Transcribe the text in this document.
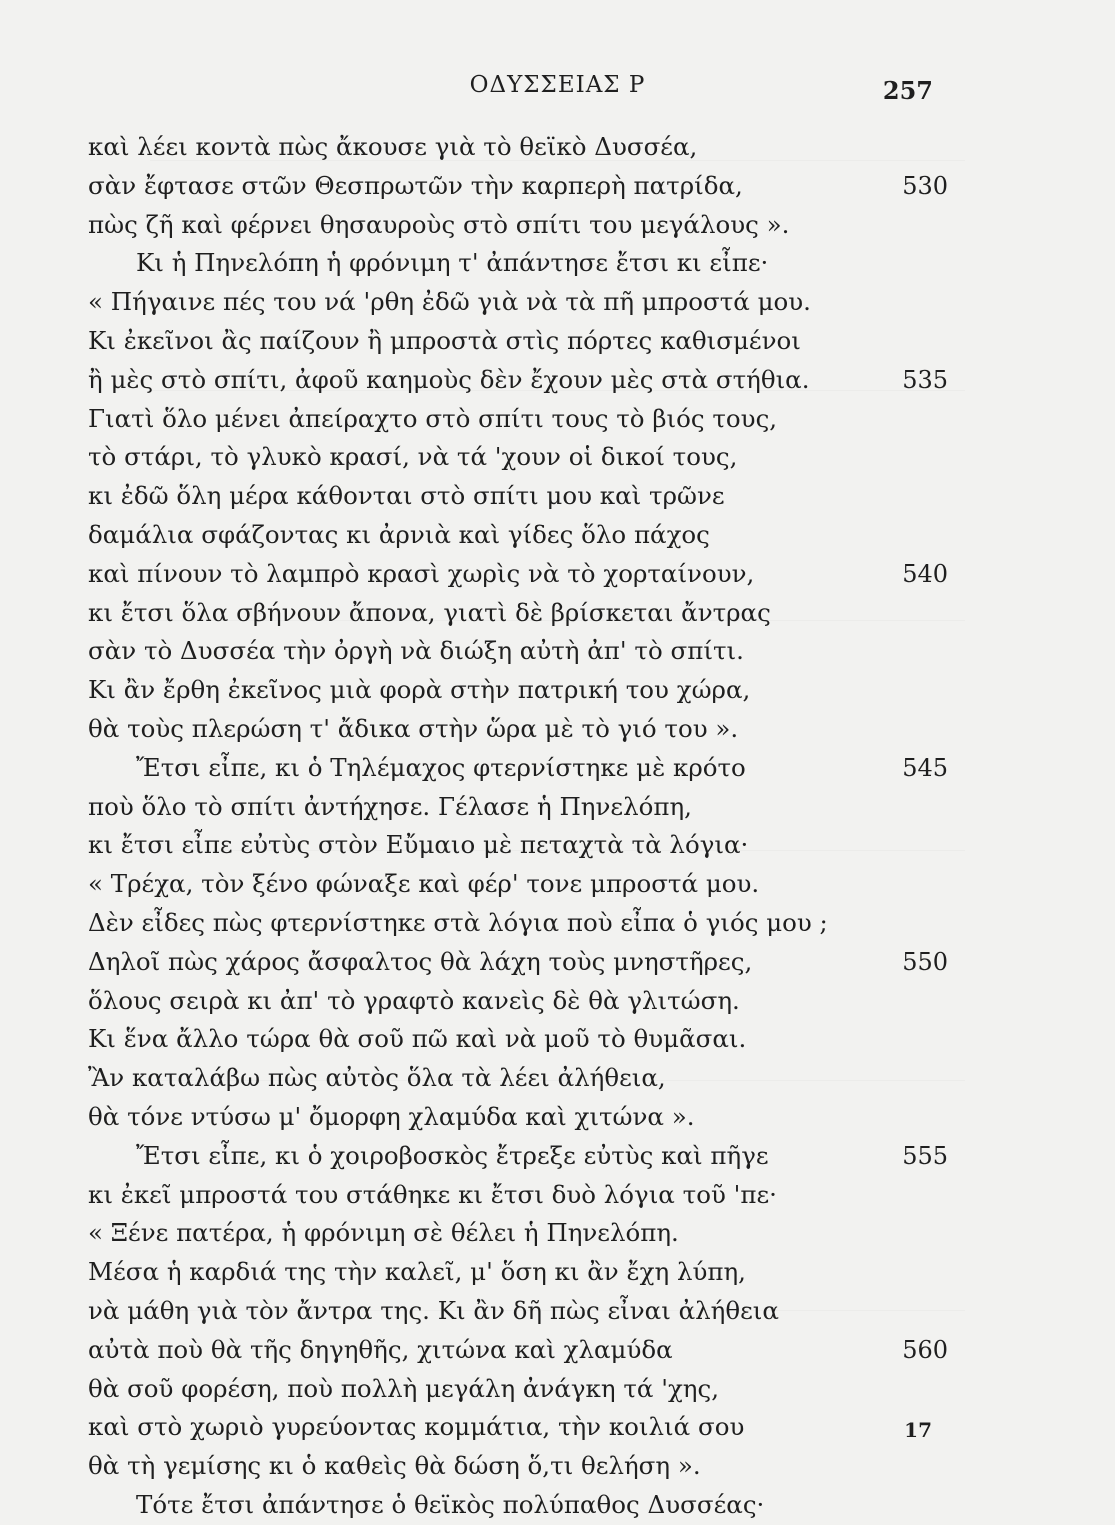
ΟΔΥΣΣΕΙΑΣ Ρ	257
καὶ λέει κοντὰ πὼς ἄκουσε γιὰ τὸ θεϊκὸ Δυσσέα,
σὰν ἔφτασε στῶν Θεσπρωτῶν τὴν καρπερὴ πατρίδα,	530
πὼς ζῆ καὶ φέρνει θησαυροὺς στὸ σπίτι του μεγάλους ».
Κι ἡ Πηνελόπη ἡ φρόνιμη τ' ἀπάντησε ἔτσι κι εἶπε·
« Πήγαινε πές του νά 'ρθη ἐδῶ γιὰ νὰ τὰ πῆ μπροστά μου.
Κι ἐκεῖνοι ἂς παίζουν ἢ μπροστὰ στὶς πόρτες καθισμένοι
ἢ μὲς στὸ σπίτι, ἀφοῦ καημοὺς δὲν ἔχουν μὲς στὰ στήθια.	535
Γιατὶ ὅλο μένει ἀπείραχτο στὸ σπίτι τους τὸ βιός τους,
τὸ στάρι, τὸ γλυκὸ κρασί, νὰ τά 'χουν οἱ δικοί τους,
κι ἐδῶ ὅλη μέρα κάθονται στὸ σπίτι μου καὶ τρῶνε
δαμάλια σφάζοντας κι ἀρνιὰ καὶ γίδες ὅλο πάχος
καὶ πίνουν τὸ λαμπρὸ κρασὶ χωρὶς νὰ τὸ χορταίνουν,	540
κι ἔτσι ὅλα σβήνουν ἄπονα, γιατὶ δὲ βρίσκεται ἄντρας
σὰν τὸ Δυσσέα τὴν ὀργὴ νὰ διώξη αὐτὴ ἀπ' τὸ σπίτι.
Κι ἂν ἔρθη ἐκεῖνος μιὰ φορὰ στὴν πατρική του χώρα,
θὰ τοὺς πλερώση τ' ἄδικα στὴν ὥρα μὲ τὸ γιό του ».
Ἔτσι εἶπε, κι ὁ Τηλέμαχος φτερνίστηκε μὲ κρότο	545
ποὺ ὅλο τὸ σπίτι ἀντήχησε. Γέλασε ἡ Πηνελόπη,
κι ἔτσι εἶπε εὐτὺς στὸν Εὔμαιο μὲ πεταχτὰ τὰ λόγια·
« Τρέχα, τὸν ξένο φώναξε καὶ φέρ' τονε μπροστά μου.
Δὲν εἶδες πὼς φτερνίστηκε στὰ λόγια ποὺ εἶπα ὁ γιός μου ;
Δηλοῖ πὼς χάρος ἄσφαλτος θὰ λάχη τοὺς μνηστῆρες,	550
ὅλους σειρὰ κι ἀπ' τὸ γραφτὸ κανεὶς δὲ θὰ γλιτώση.
Κι ἕνα ἄλλο τώρα θὰ σοῦ πῶ καὶ νὰ μοῦ τὸ θυμᾶσαι.
Ἂν καταλάβω πὼς αὐτὸς ὅλα τὰ λέει ἀλήθεια,
θὰ τόνε ντύσω μ' ὄμορφη χλαμύδα καὶ χιτώνα ».
Ἔτσι εἶπε, κι ὁ χοιροβοσκὸς ἔτρεξε εὐτὺς καὶ πῆγε	555
κι ἐκεῖ μπροστά του στάθηκε κι ἔτσι δυὸ λόγια τοῦ 'πε·
« Ξένε πατέρα, ἡ φρόνιμη σὲ θέλει ἡ Πηνελόπη.
Μέσα ἡ καρδιά της τὴν καλεῖ, μ' ὅση κι ἂν ἔχη λύπη,
νὰ μάθη γιὰ τὸν ἄντρα της. Κι ἂν δῆ πὼς εἶναι ἀλήθεια
αὐτὰ ποὺ θὰ τῆς δηγηθῆς, χιτώνα καὶ χλαμύδα	560
θὰ σοῦ φορέση, ποὺ πολλὴ μεγάλη ἀνάγκη τά 'χης,
καὶ στὸ χωριὸ γυρεύοντας κομμάτια, τὴν κοιλιά σου
θὰ τὴ γεμίσης κι ὁ καθεὶς θὰ δώση ὅ,τι θελήση ».
Τότε ἔτσι ἀπάντησε ὁ θεϊκὸς πολύπαθος Δυσσέας·
17
